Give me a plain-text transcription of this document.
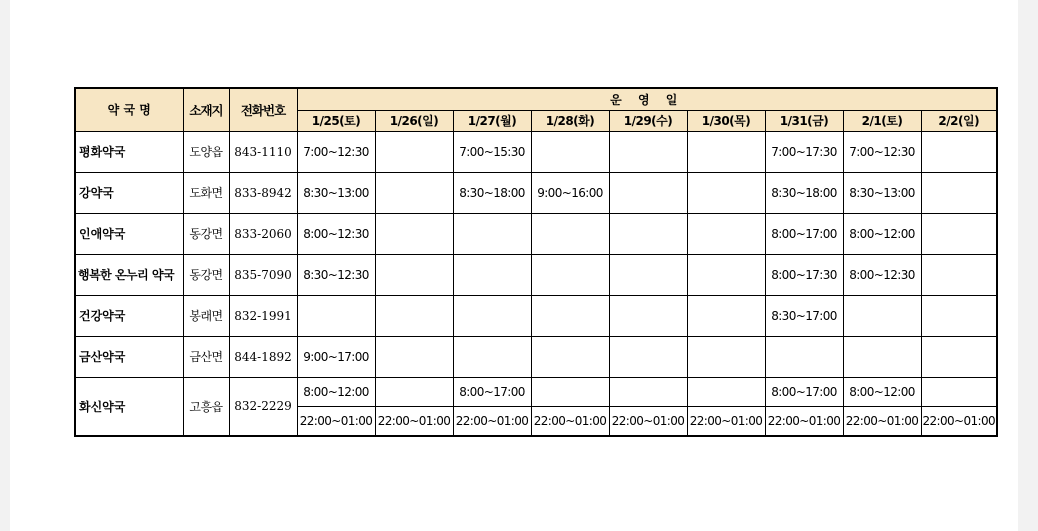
약 국 명	소재지	전화번호	운 영 일								
			1/25(토)	1/26(일)	1/27(월)	1/28(화)	1/29(수)	1/30(목)	1/31(금)	2/1(토)	2/2(일)
평화약국	도양읍	843-1110	7:00~12:30		7:00~15:30				7:00~17:30	7:00~12:30	
강약국	도화면	833-8942	8:30~13:00		8:30~18:00	9:00~16:00			8:30~18:00	8:30~13:00	
인애약국	동강면	833-2060	8:00~12:30						8:00~17:00	8:00~12:00	
행복한 온누리 약국	동강면	835-7090	8:30~12:30						8:00~17:30	8:00~12:30	
건강약국	봉래면	832-1991							8:30~17:00		
금산약국	금산면	844-1892	9:00~17:00								
화신약국	고흥읍	832-2229	8:00~12:00		8:00~17:00				8:00~17:00	8:00~12:00	
			22:00~01:00	22:00~01:00	22:00~01:00	22:00~01:00	22:00~01:00	22:00~01:00	22:00~01:00	22:00~01:00	22:00~01:00
